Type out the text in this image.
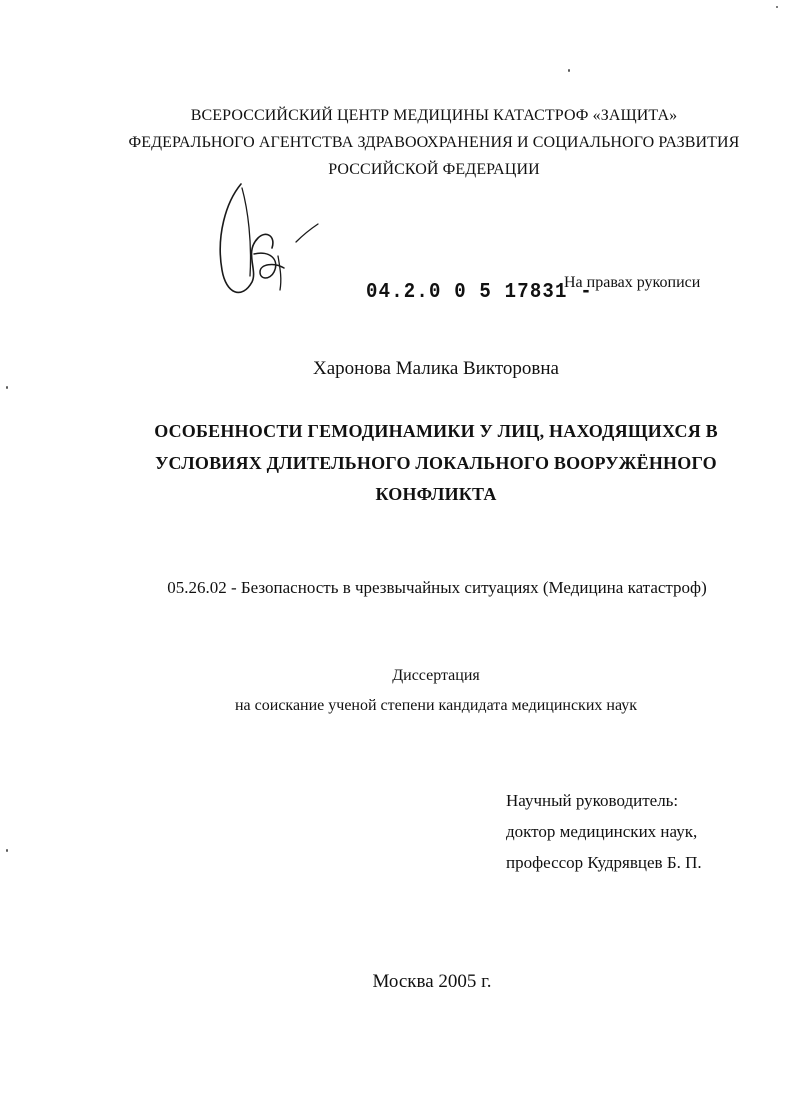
ВСЕРОССИЙСКИЙ ЦЕНТР МЕДИЦИНЫ КАТАСТРОФ «ЗАЩИТА»

ФЕДЕРАЛЬНОГО АГЕНТСТВА ЗДРАВООХРАНЕНИЯ И СОЦИАЛЬНОГО РАЗВИТИЯ

РОССИЙСКОЙ ФЕДЕРАЦИИ

04.2.0 0 5 17831 -
На правах рукописи

Харонова Малика Викторовна

ОСОБЕННОСТИ ГЕМОДИНАМИКИ У ЛИЦ, НАХОДЯЩИХСЯ В

УСЛОВИЯХ ДЛИТЕЛЬНОГО ЛОКАЛЬНОГО ВООРУЖЁННОГО

КОНФЛИКТА

05.26.02 - Безопасность в чрезвычайных ситуациях (Медицина катастроф)

Диссертация

на соискание ученой степени кандидата медицинских наук

Научный руководитель:

доктор медицинских наук,

профессор Кудрявцев Б. П.

Москва 2005 г.
